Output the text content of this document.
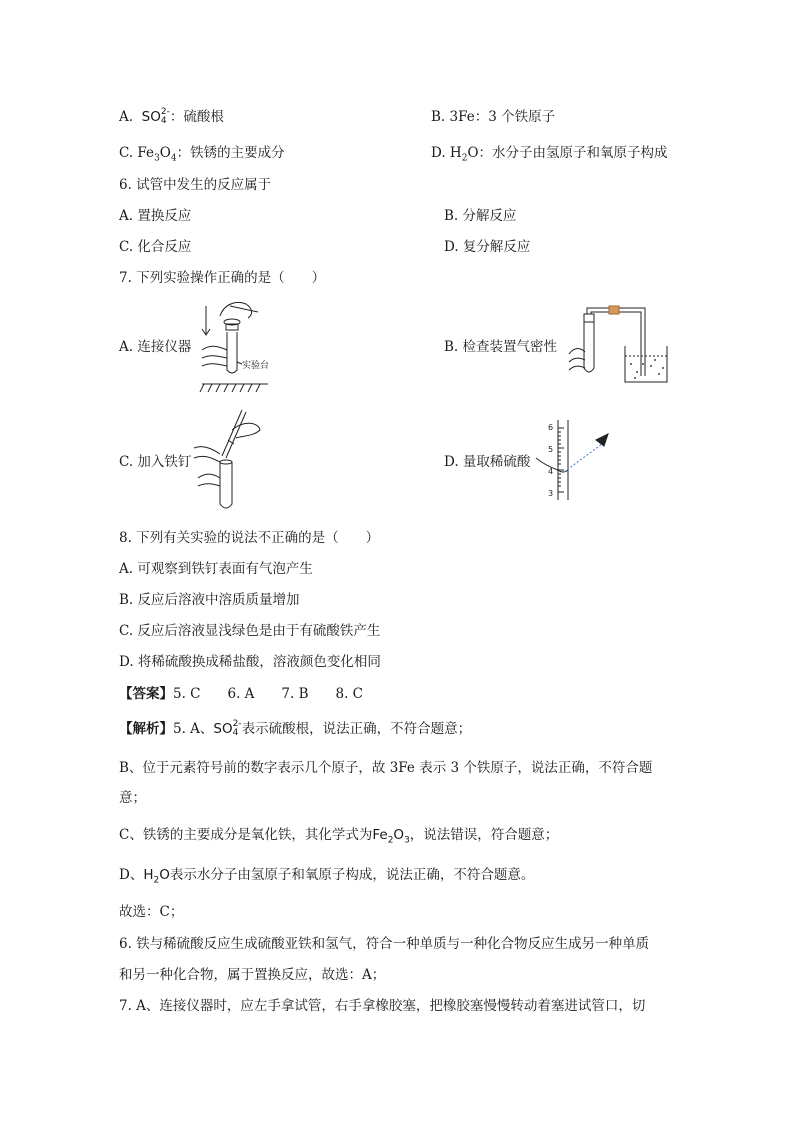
A. SO 2-
4 ：硫酸根	B. 3Fe：3 个铁原子
C. $Fe_3O_4$：铁锈的主要成分	D. $H_2O$：水分子由氢原子和氧原子构成
6. 试管中发生的反应属于
A. 置换反应	B. 分解反应
C. 化合反应	D. 复分解反应
7. 下列实验操作正确的是（　　）
A. 连接仪器	B. 检查装置气密性
C. 加入铁钉	D. 量取稀硫酸
实验台
6
5
4
3
8. 下列有关实验的说法不正确的是（　　）
A. 可观察到铁钉表面有气泡产生
B. 反应后溶液中溶质质量增加
C. 反应后溶液显浅绿色是由于有硫酸铁产生
D. 将稀硫酸换成稀盐酸，溶液颜色变化相同
【答案】5. C　　6. A　　7. B　　8. C
【解析】5. A、SO 2-
4 表示硫酸根，说法正确，不符合题意；
B、位于元素符号前的数字表示几个原子，故 3Fe 表示 3 个铁原子，说法正确，不符合题
意；
C、铁锈的主要成分是氧化铁，其化学式为$Fe_2O_3$，说法错误，符合题意；
D、$H_2O$表示水分子由氢原子和氧原子构成，说法正确，不符合题意。
故选：C；
6. 铁与稀硫酸反应生成硫酸亚铁和氢气，符合一种单质与一种化合物反应生成另一种单质
和另一种化合物，属于置换反应，故选：A；
7. A、连接仪器时，应左手拿试管，右手拿橡胶塞，把橡胶塞慢慢转动着塞进试管口，切
